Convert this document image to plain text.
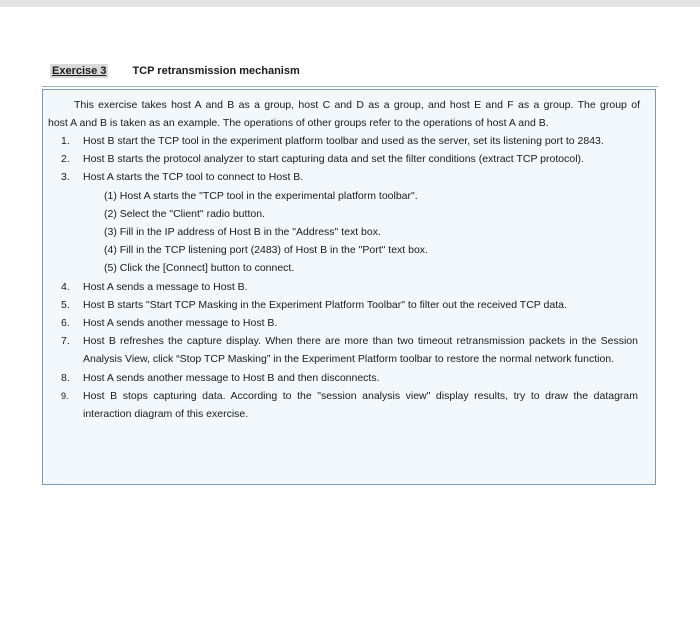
Exercise 3 TCP retransmission mechanism
This exercise takes host A and B as a group, host C and D as a group, and host E and F as a group. The group of
host A and B is taken as an example. The operations of other groups refer to the operations of host A and B.
1. Host B start the TCP tool in the experiment platform toolbar and used as the server, set its listening port to 2843.
2. Host B starts the protocol analyzer to start capturing data and set the filter conditions (extract TCP protocol).
3. Host A starts the TCP tool to connect to Host B.
(1) Host A starts the "TCP tool in the experimental platform toolbar".
(2) Select the "Client" radio button.
(3) Fill in the IP address of Host B in the "Address" text box.
(4) Fill in the TCP listening port (2483) of Host B in the "Port" text box.
(5) Click the [Connect] button to connect.
4. Host A sends a message to Host B.
5. Host B starts "Start TCP Masking in the Experiment Platform Toolbar" to filter out the received TCP data.
6. Host A sends another message to Host B.
7. Host B refreshes the capture display. When there are more than two timeout retransmission packets in the Session Analysis View, click “Stop TCP Masking” in the Experiment Platform toolbar to restore the normal network function.
8. Host A sends another message to Host B and then disconnects.
9. Host B stops capturing data. According to the "session analysis view" display results, try to draw the datagram interaction diagram of this exercise.
